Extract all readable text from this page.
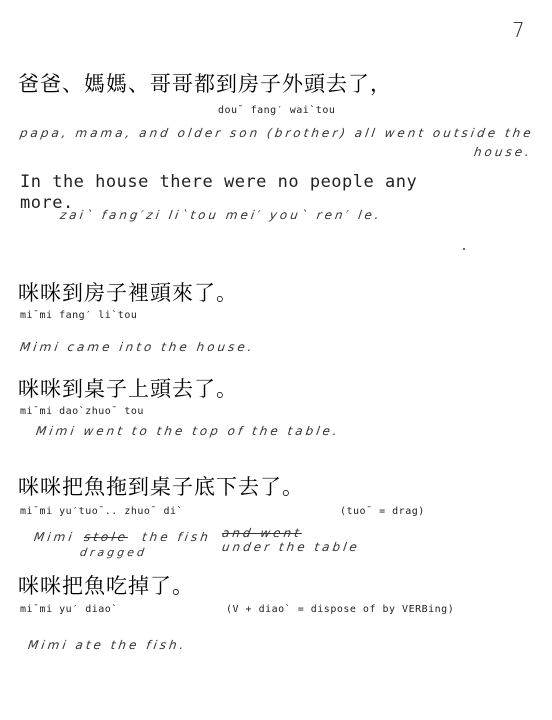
7
爸爸、媽媽、哥哥都到房子外頭去了，
dou¯ fang′ wai`tou
papa, mama, and older son (brother) all went outside the
house.
In the house there were no people any
more.
zai` fang′zi li`tou mei′ you` ren′ le.
咪咪到房子裡頭來了。
mi¯mi fang′ li`tou
Mimi came into the house.
咪咪到桌子上頭去了。
mi¯mi dao`zhuo¯ tou
Mimi went to the top of the table.
咪咪把魚拖到桌子底下去了。
mi¯mi yu′tuo¯.. zhuo¯ di`	(tuo¯ = drag)
Mimi stole the fish and went
dragged	under the table
咪咪把魚吃掉了。
mi¯mi yu′ diao`	(V + diao` = dispose of by VERBing)
Mimi ate the fish.
